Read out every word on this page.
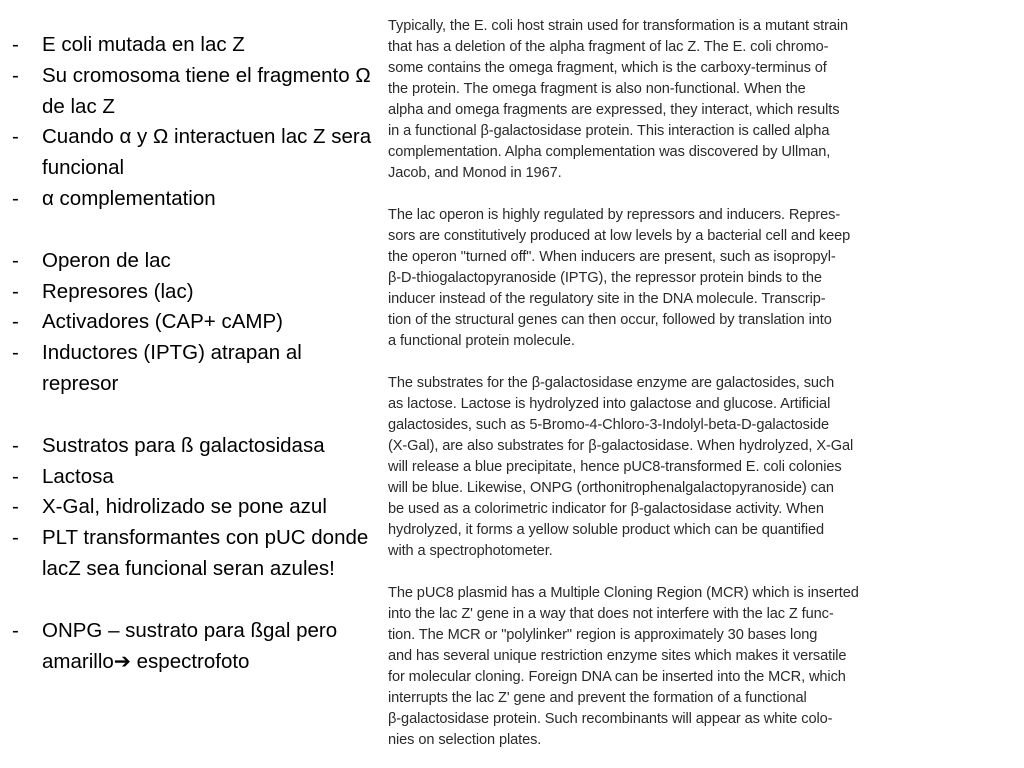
-	E coli mutada en lac Z
-	Su cromosoma tiene el fragmento Ω de lac Z
-	Cuando α y Ω interactuen lac Z sera funcional
-	α complementation
-	Operon de lac
-	Represores (lac)
-	Activadores (CAP+ cAMP)
-	Inductores (IPTG) atrapan al represor
-	Sustratos para ß galactosidasa
-	Lactosa
-	X-Gal, hidrolizado se pone azul
-	PLT transformantes con pUC donde lacZ sea funcional seran azules!
-	ONPG – sustrato para ßgal pero amarillo➔ espectrofoto

Typically, the E. coli host strain used for transformation is a mutant strain
that has a deletion of the alpha fragment of lac Z. The E. coli chromo-
some contains the omega fragment, which is the carboxy-terminus of
the protein. The omega fragment is also non-functional. When the
alpha and omega fragments are expressed, they interact, which results
in a functional β-galactosidase protein. This interaction is called alpha
complementation. Alpha complementation was discovered by Ullman,
Jacob, and Monod in 1967.

The lac operon is highly regulated by repressors and inducers. Repres-
sors are constitutively produced at low levels by a bacterial cell and keep
the operon "turned off". When inducers are present, such as isopropyl-
β-D-thiogalactopyranoside (IPTG), the repressor protein binds to the
inducer instead of the regulatory site in the DNA molecule. Transcrip-
tion of the structural genes can then occur, followed by translation into
a functional protein molecule.

The substrates for the β-galactosidase enzyme are galactosides, such
as lactose. Lactose is hydrolyzed into galactose and glucose. Artificial
galactosides, such as 5-Bromo-4-Chloro-3-Indolyl-beta-D-galactoside
(X-Gal), are also substrates for β-galactosidase. When hydrolyzed, X-Gal
will release a blue precipitate, hence pUC8-transformed E. coli colonies
will be blue. Likewise, ONPG (orthonitrophenalgalactopyranoside) can
be used as a colorimetric indicator for β-galactosidase activity. When
hydrolyzed, it forms a yellow soluble product which can be quantified
with a spectrophotometer.

The pUC8 plasmid has a Multiple Cloning Region (MCR) which is inserted
into the lac Z' gene in a way that does not interfere with the lac Z func-
tion. The MCR or "polylinker" region is approximately 30 bases long
and has several unique restriction enzyme sites which makes it versatile
for molecular cloning. Foreign DNA can be inserted into the MCR, which
interrupts the lac Z' gene and prevent the formation of a functional
β-galactosidase protein. Such recombinants will appear as white colo-
nies on selection plates.
